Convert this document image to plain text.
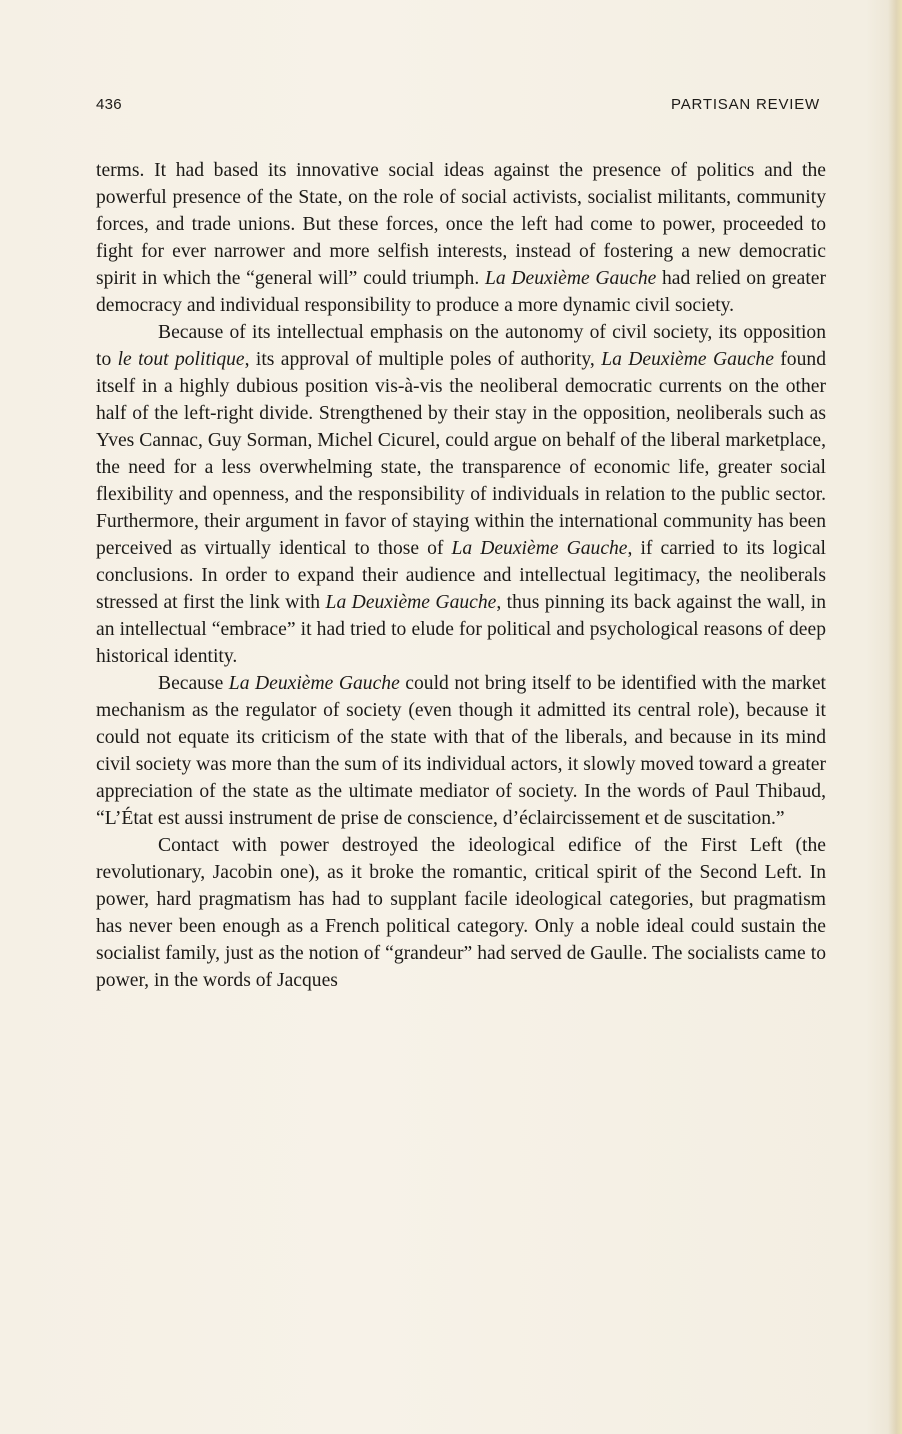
436	PARTISAN REVIEW

terms. It had based its innovative social ideas against the presence of politics and the powerful presence of the State, on the role of social activists, socialist militants, community forces, and trade unions. But these forces, once the left had come to power, proceeded to fight for ever narrower and more selfish interests, instead of fostering a new democratic spirit in which the “general will” could triumph. La Deuxième Gauche had relied on greater democracy and individual responsibility to produce a more dynamic civil society.

Because of its intellectual emphasis on the autonomy of civil society, its opposition to le tout politique, its approval of multiple poles of authority, La Deuxième Gauche found itself in a highly dubious position vis-à-vis the neoliberal democratic currents on the other half of the left-right divide. Strengthened by their stay in the opposition, neoliberals such as Yves Cannac, Guy Sorman, Michel Cicurel, could argue on behalf of the liberal marketplace, the need for a less overwhelming state, the transparence of economic life, greater social flexibility and openness, and the responsibility of individuals in relation to the public sector. Furthermore, their argument in favor of staying within the international community has been perceived as virtually identical to those of La Deuxième Gauche, if carried to its logical conclusions. In order to expand their audience and intellectual legitimacy, the neoliberals stressed at first the link with La Deuxième Gauche, thus pinning its back against the wall, in an intellectual “embrace” it had tried to elude for political and psychological reasons of deep historical identity.

Because La Deuxième Gauche could not bring itself to be identified with the market mechanism as the regulator of society (even though it admitted its central role), because it could not equate its criticism of the state with that of the liberals, and because in its mind civil society was more than the sum of its individual actors, it slowly moved toward a greater appreciation of the state as the ultimate mediator of society. In the words of Paul Thibaud, “L’État est aussi instrument de prise de conscience, d’éclaircissement et de suscitation.”

Contact with power destroyed the ideological edifice of the First Left (the revolutionary, Jacobin one), as it broke the romantic, critical spirit of the Second Left. In power, hard pragmatism has had to supplant facile ideological categories, but pragmatism has never been enough as a French political category. Only a noble ideal could sustain the socialist family, just as the notion of “grandeur” had served de Gaulle. The socialists came to power, in the words of Jacques
